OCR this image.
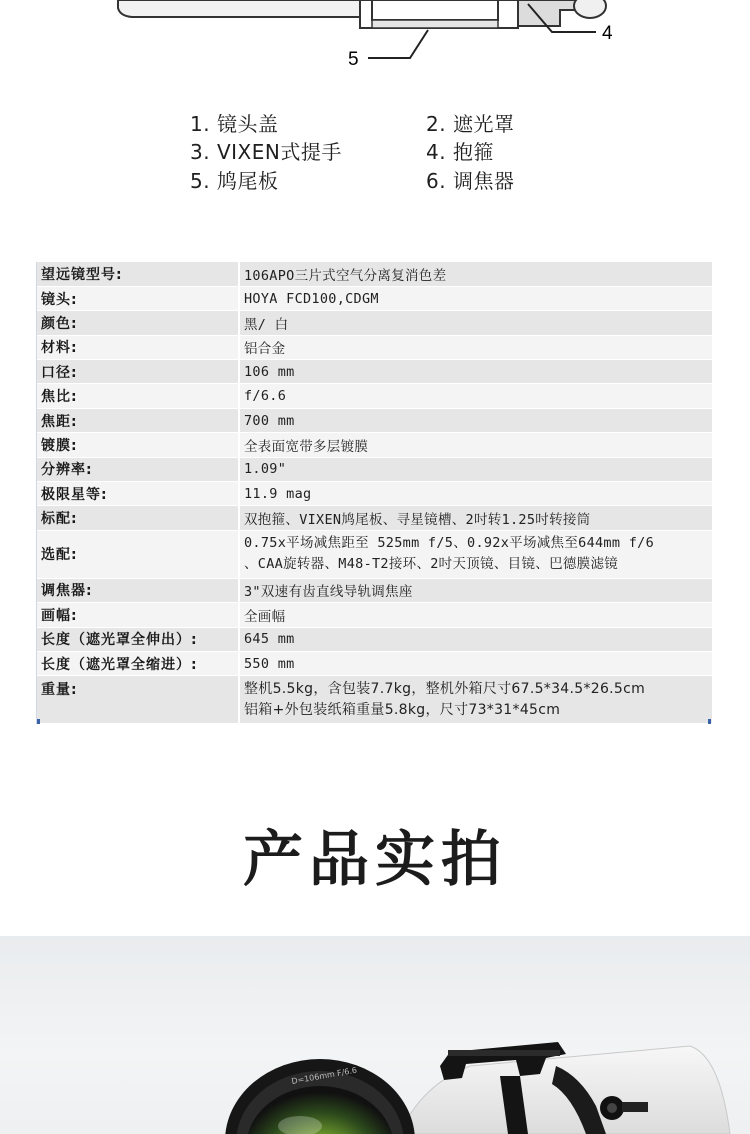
4
5
1. 镜头盖	2. 遮光罩
3. VIXEN式提手	4. 抱箍
5. 鸠尾板	6. 调焦器
望远镜型号:	106APO三片式空气分离复消色差
镜头:	HOYA FCD100,CDGM
颜色:	黑/ 白
材料:	铝合金
口径:	106 mm
焦比:	f/6.6
焦距:	700 mm
镀膜:	全表面宽带多层镀膜
分辨率:	1.09"
极限星等:	11.9 mag
标配:	双抱箍、VIXEN鸠尾板、寻星镜槽、2吋转1.25吋转接筒
选配:	0.75x平场减焦距至 525mm f/5、0.92x平场减焦至644mm f/6
、CAA旋转器、M48-T2接环、2吋天顶镜、目镜、巴德膜滤镜

调焦器:	3"双速有齿直线导轨调焦座
画幅:	全画幅
长度（遮光罩全伸出）:	645 mm
长度（遮光罩全缩进）:	550 mm
重量:	整机5.5kg，含包装7.7kg，整机外箱尺寸67.5*34.5*26.5cm
铝箱+外包装纸箱重量5.8kg，尺寸73*31*45cm
产品实拍
D=106mm F/6.6
